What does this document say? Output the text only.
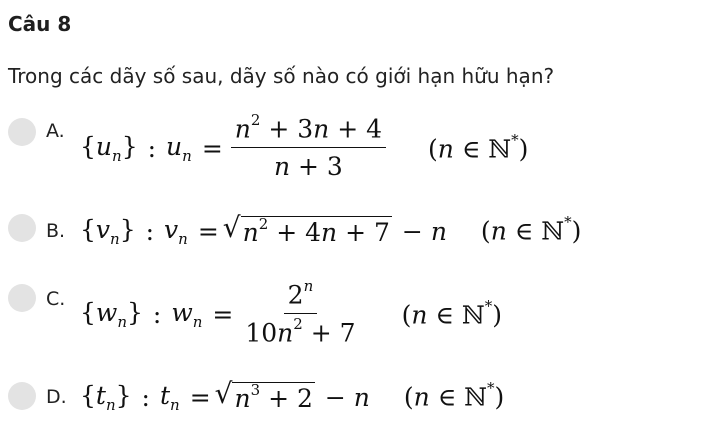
Câu 8
Trong các dãy số sau, dãy số nào có giới hạn hữu hạn?
A.
$\{u_n\}$ : $u_n = \frac{n^2 + 3n + 4}{n + 3} (n$ ∈ ℕ*)
B. $\{v_n\}$ : $v_n$ = √ $n^2 + 4n + 7 - n$ (n ∈ ℕ*)
C. $\{w_n\}$ : $w_n = \frac{2^n}{10n^2 + 7} (n$ ∈ ℕ*)
D. $\{t_n\}$ : $t_n$ = √ $n^3 + 2 - n$ (n ∈ ℕ*)
